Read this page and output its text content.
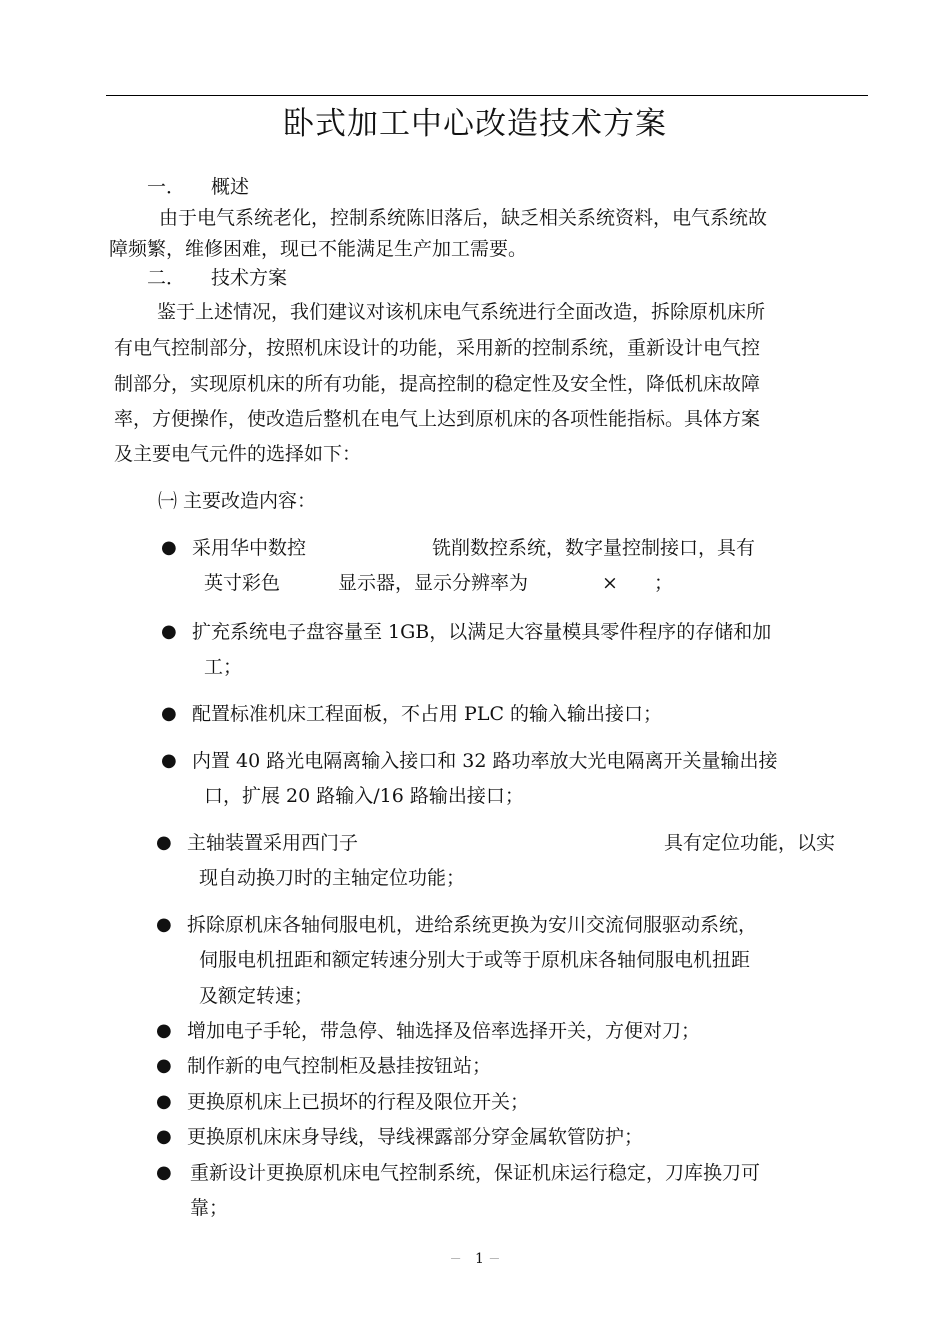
卧式加工中心改造技术方案
一． 概述
由于电气系统老化，控制系统陈旧落后，缺乏相关系统资料，电气系统故
障频繁，维修困难，现已不能满足生产加工需要。
二． 技术方案
鉴于上述情况，我们建议对该机床电气系统进行全面改造，拆除原机床所
有电气控制部分，按照机床设计的功能，采用新的控制系统，重新设计电气控
制部分，实现原机床的所有功能，提高控制的稳定性及安全性，降低机床故障
率，方便操作，使改造后整机在电气上达到原机床的各项性能指标。具体方案
及主要电气元件的选择如下：
㈠ 主要改造内容：
● 采用华中数控	铣削数控系统，数字量控制接口，具有
英寸彩色	显示器，显示分辨率为	× ；
● 扩充系统电子盘容量至 1GB，以满足大容量模具零件程序的存储和加
工；
● 配置标准机床工程面板，不占用 PLC 的输入输出接口；
● 内置 40 路光电隔离输入接口和 32 路功率放大光电隔离开关量输出接
口，扩展 20 路输入/16 路输出接口；
● 主轴装置采用西门子	具有定位功能，以实
现自动换刀时的主轴定位功能；
● 拆除原机床各轴伺服电机，进给系统更换为安川交流伺服驱动系统，
伺服电机扭距和额定转速分别大于或等于原机床各轴伺服电机扭距
及额定转速；
● 增加电子手轮，带急停、轴选择及倍率选择开关，方便对刀；
● 制作新的电气控制柜及悬挂按钮站；
● 更换原机床上已损坏的行程及限位开关；
● 更换原机床床身导线，导线裸露部分穿金属软管防护；
● 重新设计更换原机床电气控制系统，保证机床运行稳定，刀库换刀可
靠；
－ 1 －
